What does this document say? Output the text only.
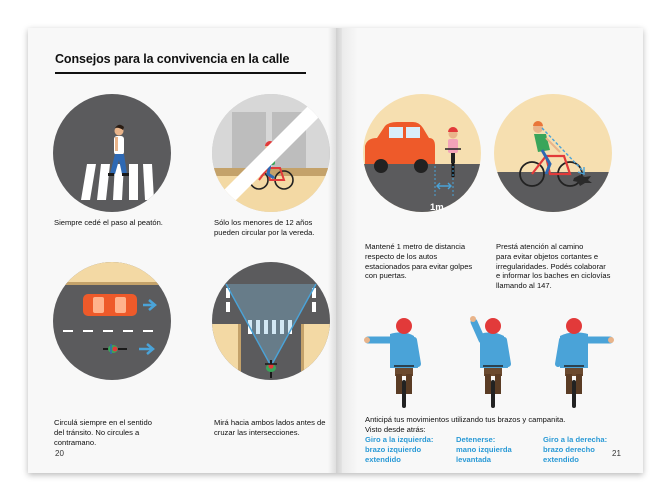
Consejos para la convivencia en la calle
Siempre cedé el paso al peatón.	Sólo los menores de 12 años
pueden circular por la vereda.
Circulá siempre en el sentido
del tránsito. No circules a
contramano.
Mirá hacia ambos lados antes de
cruzar las intersecciones.
20
1m
Mantené 1 metro de distancia
respecto de los autos
estacionados para evitar golpes
con puertas.
Prestá atención al camino
para evitar objetos cortantes e
irregularidades. Podés colaborar
e informar los baches en ciclovías
llamando al 147.
Anticipá tus movimientos utilizando tus brazos y campanita.
Visto desde atrás:
Giro a la izquierda:
brazo izquierdo
extendido
Detenerse:
mano izquierda
levantada
Giro a la derecha:
brazo derecho
extendido
21
